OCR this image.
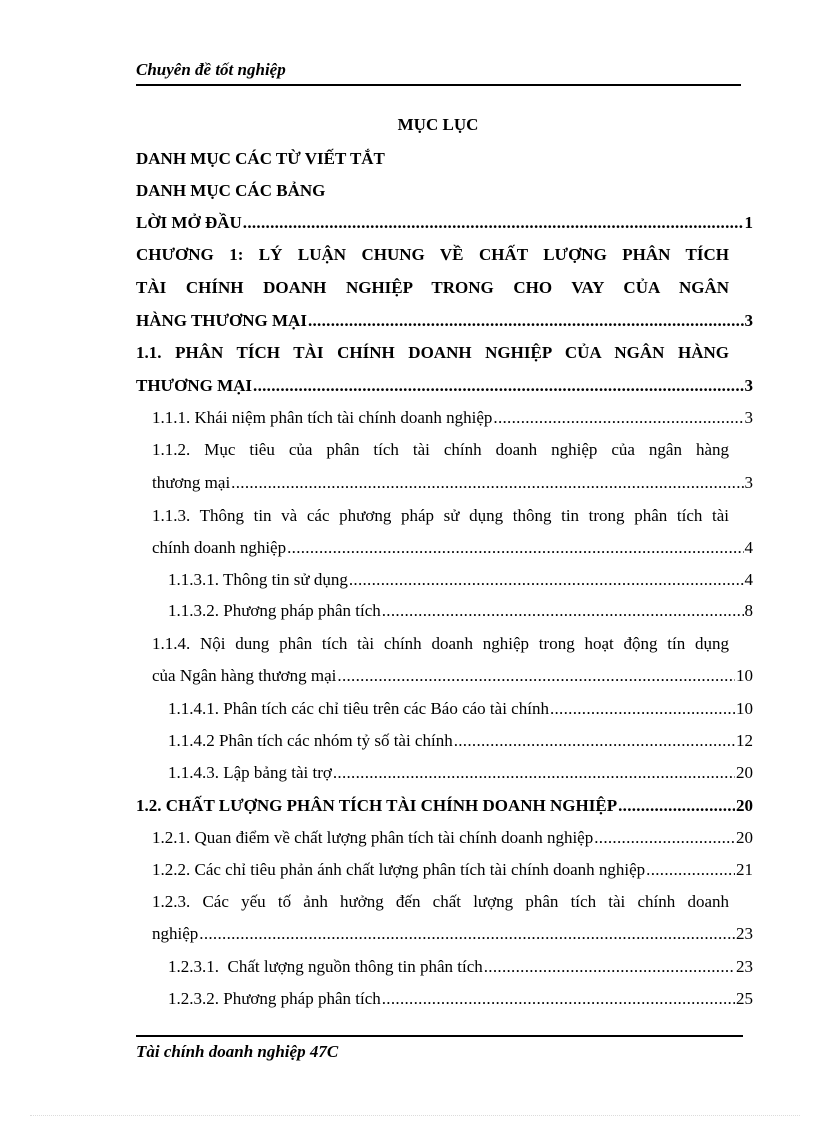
Chuyên đề tốt nghiệp
MỤC LỤC
DANH MỤC CÁC TỪ VIẾT TẮT
DANH MỤC CÁC BẢNG
LỜI MỞ ĐẦU .....	1
CHƯƠNG 1: LÝ LUẬN CHUNG VỀ CHẤT LƯỢNG PHÂN TÍCH
TÀI CHÍNH DOANH NGHIỆP TRONG CHO VAY CỦA NGÂN
HÀNG THƯƠNG MẠI .....	3
1.1. PHÂN TÍCH TÀI CHÍNH DOANH NGHIỆP CỦA NGÂN HÀNG
THƯƠNG MẠI .....	3
1.1.1. Khái niệm phân tích tài chính doanh nghiệp .....	3
1.1.2. Mục tiêu của phân tích tài chính doanh nghiệp của ngân hàng
thương mại .....	3
1.1.3. Thông tin và các phương pháp sử dụng thông tin trong phân tích tài
chính doanh nghiệp .....	4
1.1.3.1. Thông tin sử dụng .....	4
1.1.3.2. Phương pháp phân tích .....	8
1.1.4. Nội dung phân tích tài chính doanh nghiệp trong hoạt động tín dụng
của Ngân hàng thương mại .....	10
1.1.4.1. Phân tích các chỉ tiêu trên các Báo cáo tài chính .....	10
1.1.4.2 Phân tích các nhóm tỷ số tài chính .....	12
1.1.4.3. Lập bảng tài trợ .....	20
1.2. CHẤT LƯỢNG PHÂN TÍCH TÀI CHÍNH DOANH NGHIỆP .....	20
1.2.1. Quan điểm về chất lượng phân tích tài chính doanh nghiệp .....	20
1.2.2. Các chỉ tiêu phản ánh chất lượng phân tích tài chính doanh nghiệp .....	21
1.2.3. Các yếu tố ảnh hưởng đến chất lượng phân tích tài chính doanh
nghiệp .....	23
1.2.3.1.  Chất lượng nguồn thông tin phân tích .....	23
1.2.3.2. Phương pháp phân tích .....	25
Tài chính doanh nghiệp 47C
